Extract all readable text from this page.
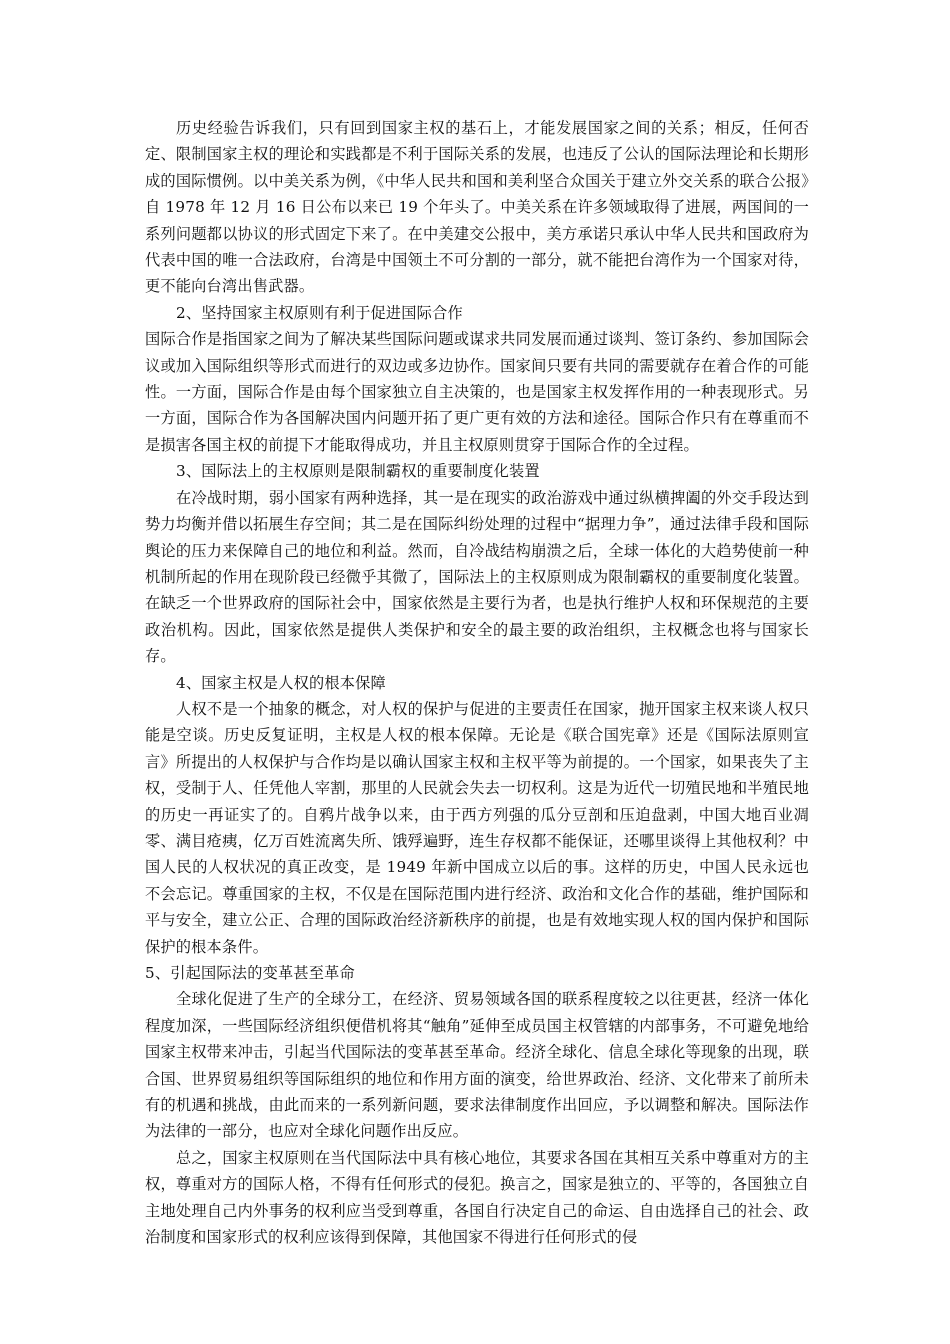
历史经验告诉我们，只有回到国家主权的基石上，才能发展国家之间的关系；相反，任何否定、限制国家主权的理论和实践都是不利于国际关系的发展，也违反了公认的国际法理论和长期形成的国际惯例。以中美关系为例，《中华人民共和国和美利坚合众国关于建立外交关系的联合公报》自 1978 年 12 月 16 日公布以来已 19 个年头了。中美关系在许多领域取得了进展，两国间的一系列问题都以协议的形式固定下来了。在中美建交公报中，美方承诺只承认中华人民共和国政府为代表中国的唯一合法政府，台湾是中国领土不可分割的一部分，就不能把台湾作为一个国家对待，更不能向台湾出售武器。

2、坚持国家主权原则有利于促进国际合作

国际合作是指国家之间为了解决某些国际问题或谋求共同发展而通过谈判、签订条约、参加国际会议或加入国际组织等形式而进行的双边或多边协作。国家间只要有共同的需要就存在着合作的可能性。一方面，国际合作是由每个国家独立自主决策的，也是国家主权发挥作用的一种表现形式。另一方面，国际合作为各国解决国内问题开拓了更广更有效的方法和途径。国际合作只有在尊重而不是损害各国主权的前提下才能取得成功，并且主权原则贯穿于国际合作的全过程。

3、国际法上的主权原则是限制霸权的重要制度化装置

在冷战时期，弱小国家有两种选择，其一是在现实的政治游戏中通过纵横捭阖的外交手段达到势力均衡并借以拓展生存空间；其二是在国际纠纷处理的过程中“据理力争”，通过法律手段和国际舆论的压力来保障自己的地位和利益。然而，自冷战结构崩溃之后，全球一体化的大趋势使前一种机制所起的作用在现阶段已经微乎其微了，国际法上的主权原则成为限制霸权的重要制度化装置。在缺乏一个世界政府的国际社会中，国家依然是主要行为者，也是执行维护人权和环保规范的主要政治机构。因此，国家依然是提供人类保护和安全的最主要的政治组织，主权概念也将与国家长存。

4、国家主权是人权的根本保障

人权不是一个抽象的概念，对人权的保护与促进的主要责任在国家，抛开国家主权来谈人权只能是空谈。历史反复证明，主权是人权的根本保障。无论是《联合国宪章》还是《国际法原则宣言》所提出的人权保护与合作均是以确认国家主权和主权平等为前提的。一个国家，如果丧失了主权，受制于人、任凭他人宰割，那里的人民就会失去一切权利。这是为近代一切殖民地和半殖民地的历史一再证实了的。自鸦片战争以来，由于西方列强的瓜分豆剖和压迫盘剥，中国大地百业凋零、满目疮痍，亿万百姓流离失所、饿殍遍野，连生存权都不能保证，还哪里谈得上其他权利？中国人民的人权状况的真正改变，是 1949 年新中国成立以后的事。这样的历史，中国人民永远也不会忘记。尊重国家的主权，不仅是在国际范围内进行经济、政治和文化合作的基础，维护国际和平与安全，建立公正、合理的国际政治经济新秩序的前提，也是有效地实现人权的国内保护和国际保护的根本条件。

5、引起国际法的变革甚至革命

全球化促进了生产的全球分工，在经济、贸易领域各国的联系程度较之以往更甚，经济一体化程度加深，一些国际经济组织便借机将其“触角”延伸至成员国主权管辖的内部事务，不可避免地给国家主权带来冲击，引起当代国际法的变革甚至革命。经济全球化、信息全球化等现象的出现，联合国、世界贸易组织等国际组织的地位和作用方面的演变，给世界政治、经济、文化带来了前所未有的机遇和挑战，由此而来的一系列新问题，要求法律制度作出回应，予以调整和解决。国际法作为法律的一部分，也应对全球化问题作出反应。

总之，国家主权原则在当代国际法中具有核心地位，其要求各国在其相互关系中尊重对方的主权，尊重对方的国际人格，不得有任何形式的侵犯。换言之，国家是独立的、平等的，各国独立自主地处理自己内外事务的权利应当受到尊重，各国自行决定自己的命运、自由选择自己的社会、政治制度和国家形式的权利应该得到保障，其他国家不得进行任何形式的侵
